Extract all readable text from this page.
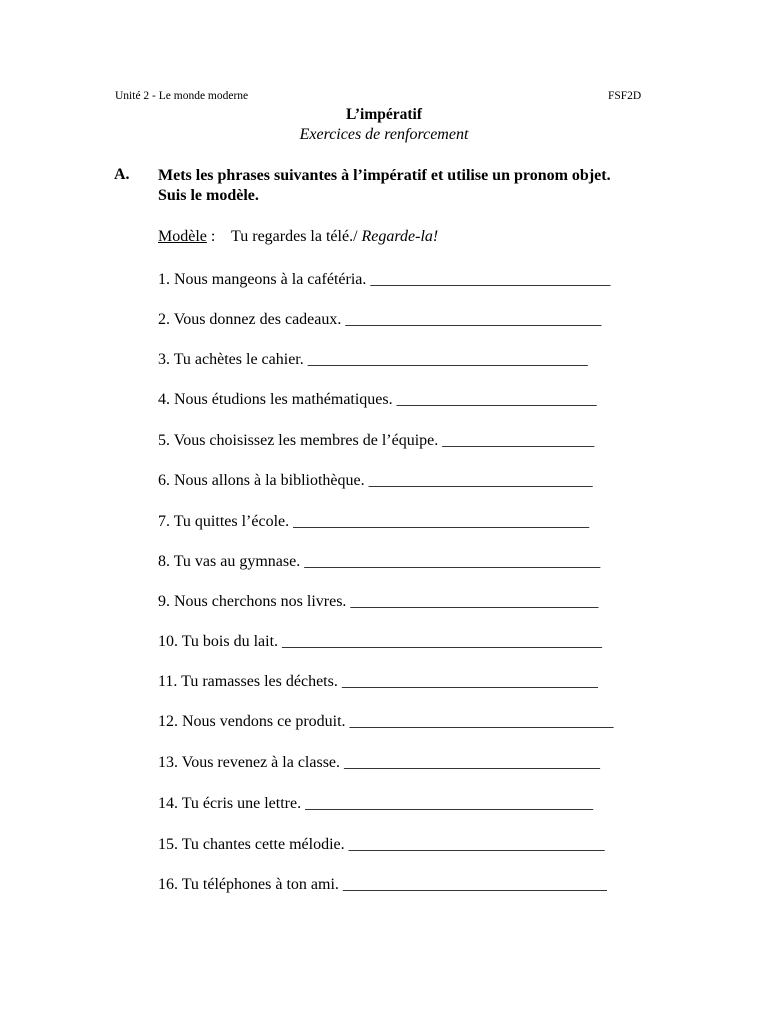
Unité 2 - Le monde moderne	FSF2D
L’impératif
Exercices de renforcement
A. Mets les phrases suivantes à l’impératif et utilise un pronom objet.
Suis le modèle.
Modèle :    Tu regardes la télé./ Regarde-la!
1. Nous mangeons à la cafétéria. ______________________________
2. Vous donnez des cadeaux. ________________________________
3. Tu achètes le cahier. ___________________________________
4. Nous étudions les mathématiques. _________________________
5. Vous choisissez les membres de l’équipe. ___________________
6. Nous allons à la bibliothèque. ____________________________
7. Tu quittes l’école. _____________________________________
8. Tu vas au gymnase. _____________________________________
9. Nous cherchons nos livres. _______________________________
10. Tu bois du lait. ________________________________________
11. Tu ramasses les déchets. ________________________________
12. Nous vendons ce produit. _________________________________
13. Vous revenez à la classe. ________________________________
14. Tu écris une lettre. ____________________________________
15. Tu chantes cette mélodie. ________________________________
16. Tu téléphones à ton ami. _________________________________
